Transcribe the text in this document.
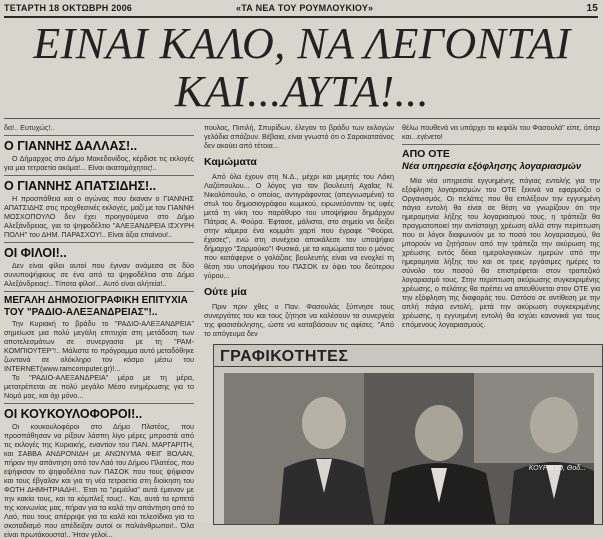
ΤΕΤΑΡΤΗ 18 ΟΚΤΩΒΡΗ 2006	«ΤΑ ΝΕΑ ΤΟΥ ΡΟΥΜΛΟΥΚΙΟΥ»	15
ΕΙΝΑΙ ΚΑΛΟ, ΝΑ ΛΕΓΟΝΤΑΙ
ΚΑΙ...ΑΥΤΑ!...

δα!.. Ευτυχώς!..

Ο ΓΙΑΝΝΗΣ ΔΑΛΛΑΣ!..

Ο Δήμαρχος στο Δήμο Μακεδονίδος, κέρδισε τις εκλογές για μια τετραετία ακόμα!... Είναι ακαταμάχητος!..

Ο ΓΙΑΝΝΗΣ ΑΠΑΤΣΙΔΗΣ!..

Η προσπάθεια και ο αγώνας που έκαναν ο ΓΙΑΝΝΗΣ ΑΠΑΤΣΙΔΗΣ στις προχθεσινές εκλογές, μαζί με τον ΓΙΑΝΝΗ ΜΟΣΧΟΠΟΥΛΟ δεν έχει προηγούμενο στο Δήμο Αλεξάνδρειας, για το ψηφοδέλτιο "ΑΛΕΞΑΝΔΡΕΙΑ ΙΣΧΥΡΗ ΠΟΛΗ" του ΔΗΜ. ΠΑΡΑΣΧΟΥ!.. Είναι άξια επαίνου!..

ΟΙ ΦΙΛΟΙ!..

Δεν είναι φίλοι αυτοί που έγιναν ανάμεσα σε δύο συνυποψήφιους σε ένα από τα ψηφοδέλτια στο Δήμο Αλεξάνδρειας!.. Τίποτα φίλοι!... Αυτό είναι αλήτεία!..

ΜΕΓΑΛΗ ΔΗΜΟΣΙΟΓΡΑΦΙΚΗ ΕΠΙΤΥΧΙΑ
ΤΟΥ "ΡΑΔΙΟ-ΑΛΕΞΑΝΔΡΕΙΑΣ"!..

Την Κυριακή το βράδυ το "ΡΑΔΙΟ-ΑΛΕΞΑΝΔΡΕΙΑ" σημείωσε μια πολύ μεγάλη επιτυχία στη μετάδοση των αποτελεσμάτων σε συνεργασία με τη "ΡΑΜ-ΚΟΜΠΙΟΥΤΕΡ"!.. Μάλιστα το πρόγραμμα αυτό μεταδόθηκε ζωντανά σε ολόκληρο τον κόσμο μέσω του INTERNET(www.ramcomputer.gr)!...

Το "ΡΑΔΙΟ-ΑΛΕΞΑΝΔΡΕΙΑ" μέρα με τη μέρα, μετατρέπεται σε πολύ μεγάλο Μέσο ενημέρωσης για το Νομό μας, και όχι μόνο...

ΟΙ ΚΟΥΚΟΥΛΟΦΟΡΟΙ!..

Οι κουκουλοφόροι στο Δήμο Πλατέος, που προσπάθησαν να ρίξουν λάσπη λίγο μέρες μπροστά από τις εκλογές της Κυριακής, εναντίον του ΠΑΝ. ΜΑΡΓΑΡΙΤΗ, και ΣΑΒΒΑ ΑΝΔΡΟΝΙΔΗ με ΑΝΩΝΥΜΑ ΦΕΙΓ ΒΟΛΑΝ, πήραν την απάντηση από τον Λαό του Δήμου Πλατέος, που εψήφισαν το ψηφοδέλτιο των ΠΑΣΟΚ που τους ψήφισαν και τους έβγαλαν και για τη νέα τετραετία στη διοίκηση του ΦΩΤΗ ΔΗΜΗΤΡΙΑΔΗ!.. Έτσι τα "ρεμάλια" αυτά έμειναν με την κακία τους, και τα κόμπλεξ τους!.. Και, αυτά τα ερπετά της κοινωνίας μας, πήραν για τα καλά την απάντηση από το Λαό, που τους απέρριψε για τα καλά και τελεσίδικα για το σκοταδισμό που απέδειξαν αυτοί οι παλιάνθρωποι!.. Όλα είναι πρωτάκουστα!.. Ήταν γελοί...

πουλος, Πιπιλή, Σπυρίδων, έλεγαν το βράδυ των εκλογών γελάδια σπάζουν. Βέβαια, είναι γνωστό ότι ο Σαρακατσάνος δεν ακούει από τέτοια...

Καμώματα

Από όλα έχουν στη Ν.Δ., μέχρι και μιμητές του Λάκη Λαζόπουλου... Ο λόγος για τον βουλευτή Αχαΐας Ν. Νικολόπουλο, ο οποίος, αντιγράφοντας (απεγνωσμένα) το στυλ του δημοσιογράφου κωμικού, ειρωνεύονταν τις υφές μετά τη νίκη του παράθυρο του υποψήφιου δημάρχου Πάτρας Α. Φούρα. Έφτασε, μάλιστα, στο σημείο να δείξει στην κάμερα ένα κομμάτι χαρτί που έγραφε "Φούρα, έχασες", ενώ στη συνέχεια αποκάλεσε τον υποψήφιο δήμαρχο "Σαρμούκο"! Φυσικά, με τα καμώματα του ο μόνος που κατάφερνε ο γαλάζιος βουλευτής είναι να ενοχλεί τη θέση του υποψήφιου του ΠΑΣΟΚ εν όψει του δεύτερου γύρου...

Ούτε μία

Πριν πριν χθες ο Παν. Φασουλάς ξύπνησε τους συνεργάτες του και τους ζήτησε να καλέσουν τα συνεργεία της φασισέκλησης, ώστε να καταβάσουν τις αφίσες. "Από το απόγευμα δεν

θέλω πουθενά να υπάρχει το κεφάλι του Φασουλά" είπε, όπερ και...εγένετο!

ΑΠΟ ΟΤΕ
Νέα υπηρεσία εξόφλησης λογαριασμών

Μία νέα υπηρεσία εγγυημένης πάγιας εντολής για την εξόφληση λογαριασμών του ΟΤΕ ξεκινά να εφαρμόζει ο Οργανισμός. Οι πελάτες που θα επιλέξουν την εγγυημένη πάγια εντολή θα είναι σε θέση να γνωρίζουν ότι την ημερομηνία λήξης του λογαριασμού τους, η τράπεζα θα πραγματοποιεί την αντίστοιχη χρέωση αλλά στην περίπτωση που οι λόγοι διαφωνούν με το ποσό του λογαριασμού, θα μπορούν να ζητήσουν από την τράπεζα την ακύρωση της χρέωσης εντός δέκα ημερολογιακών ημερών από την ημερομηνία λήξης του και σε τρεις εργάσιμες ημέρες το σύνολο του ποσού θα επιστρέφεται στον τραπεζικό λογαριασμό τους. Στην περίπτωση ακύρωσης συγκεκριμένης χρέωσης, ο πελάτης θα πρέπει να απευθύνεται στον ΟΤΕ για την εξόφληση της διαφοράς του. Ωστόσο σε αντίθεση με την απλή πάγια εντολή, μετά την ακύρωση συγκεκριμένης χρέωσης, η εγγυημένη εντολή θα ισχύει κανονικά για τους επόμενους λογαριασμούς.

ΓΡΑΦΙΚΟΤΗΤΕΣ
ΚΟΥΡΑΓΙΟ, Θοδ...
